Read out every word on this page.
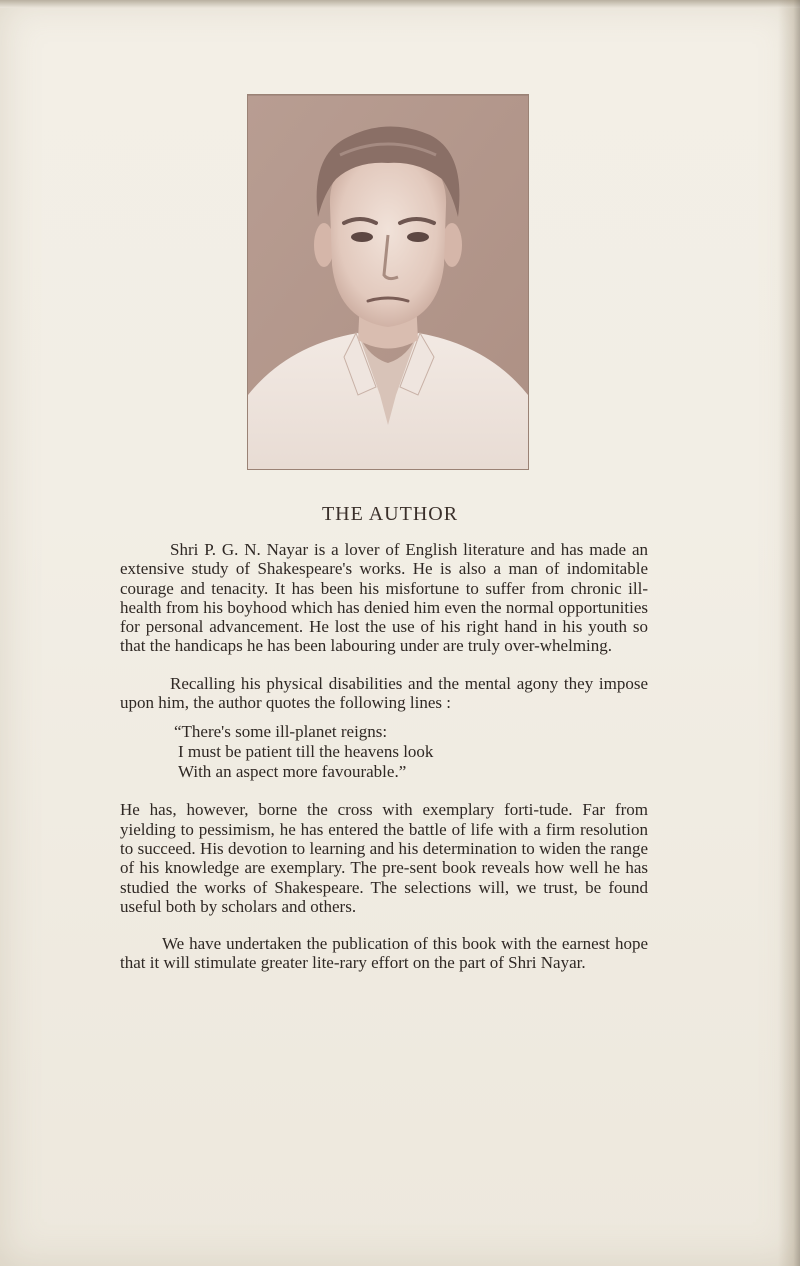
THE AUTHOR

Shri P. G. N. Nayar is a lover of English literature and has made an extensive study of Shakespeare's works. He is also a man of indomitable courage and tenacity. It has been his misfortune to suffer from chronic ill-health from his boyhood which has denied him even the normal opportunities for personal advancement. He lost the use of his right hand in his youth so that the handicaps he has been labouring under are truly over-whelming.

Recalling his physical disabilities and the mental agony they impose upon him, the author quotes the following lines :

“There's some ill-planet reigns:
I must be patient till the heavens look
With an aspect more favourable.”

He has, however, borne the cross with exemplary forti-tude. Far from yielding to pessimism, he has entered the battle of life with a firm resolution to succeed. His devotion to learning and his determination to widen the range of his knowledge are exemplary. The pre-sent book reveals how well he has studied the works of Shakespeare. The selections will, we trust, be found useful both by scholars and others.

We have undertaken the publication of this book with the earnest hope that it will stimulate greater lite-rary effort on the part of Shri Nayar.
